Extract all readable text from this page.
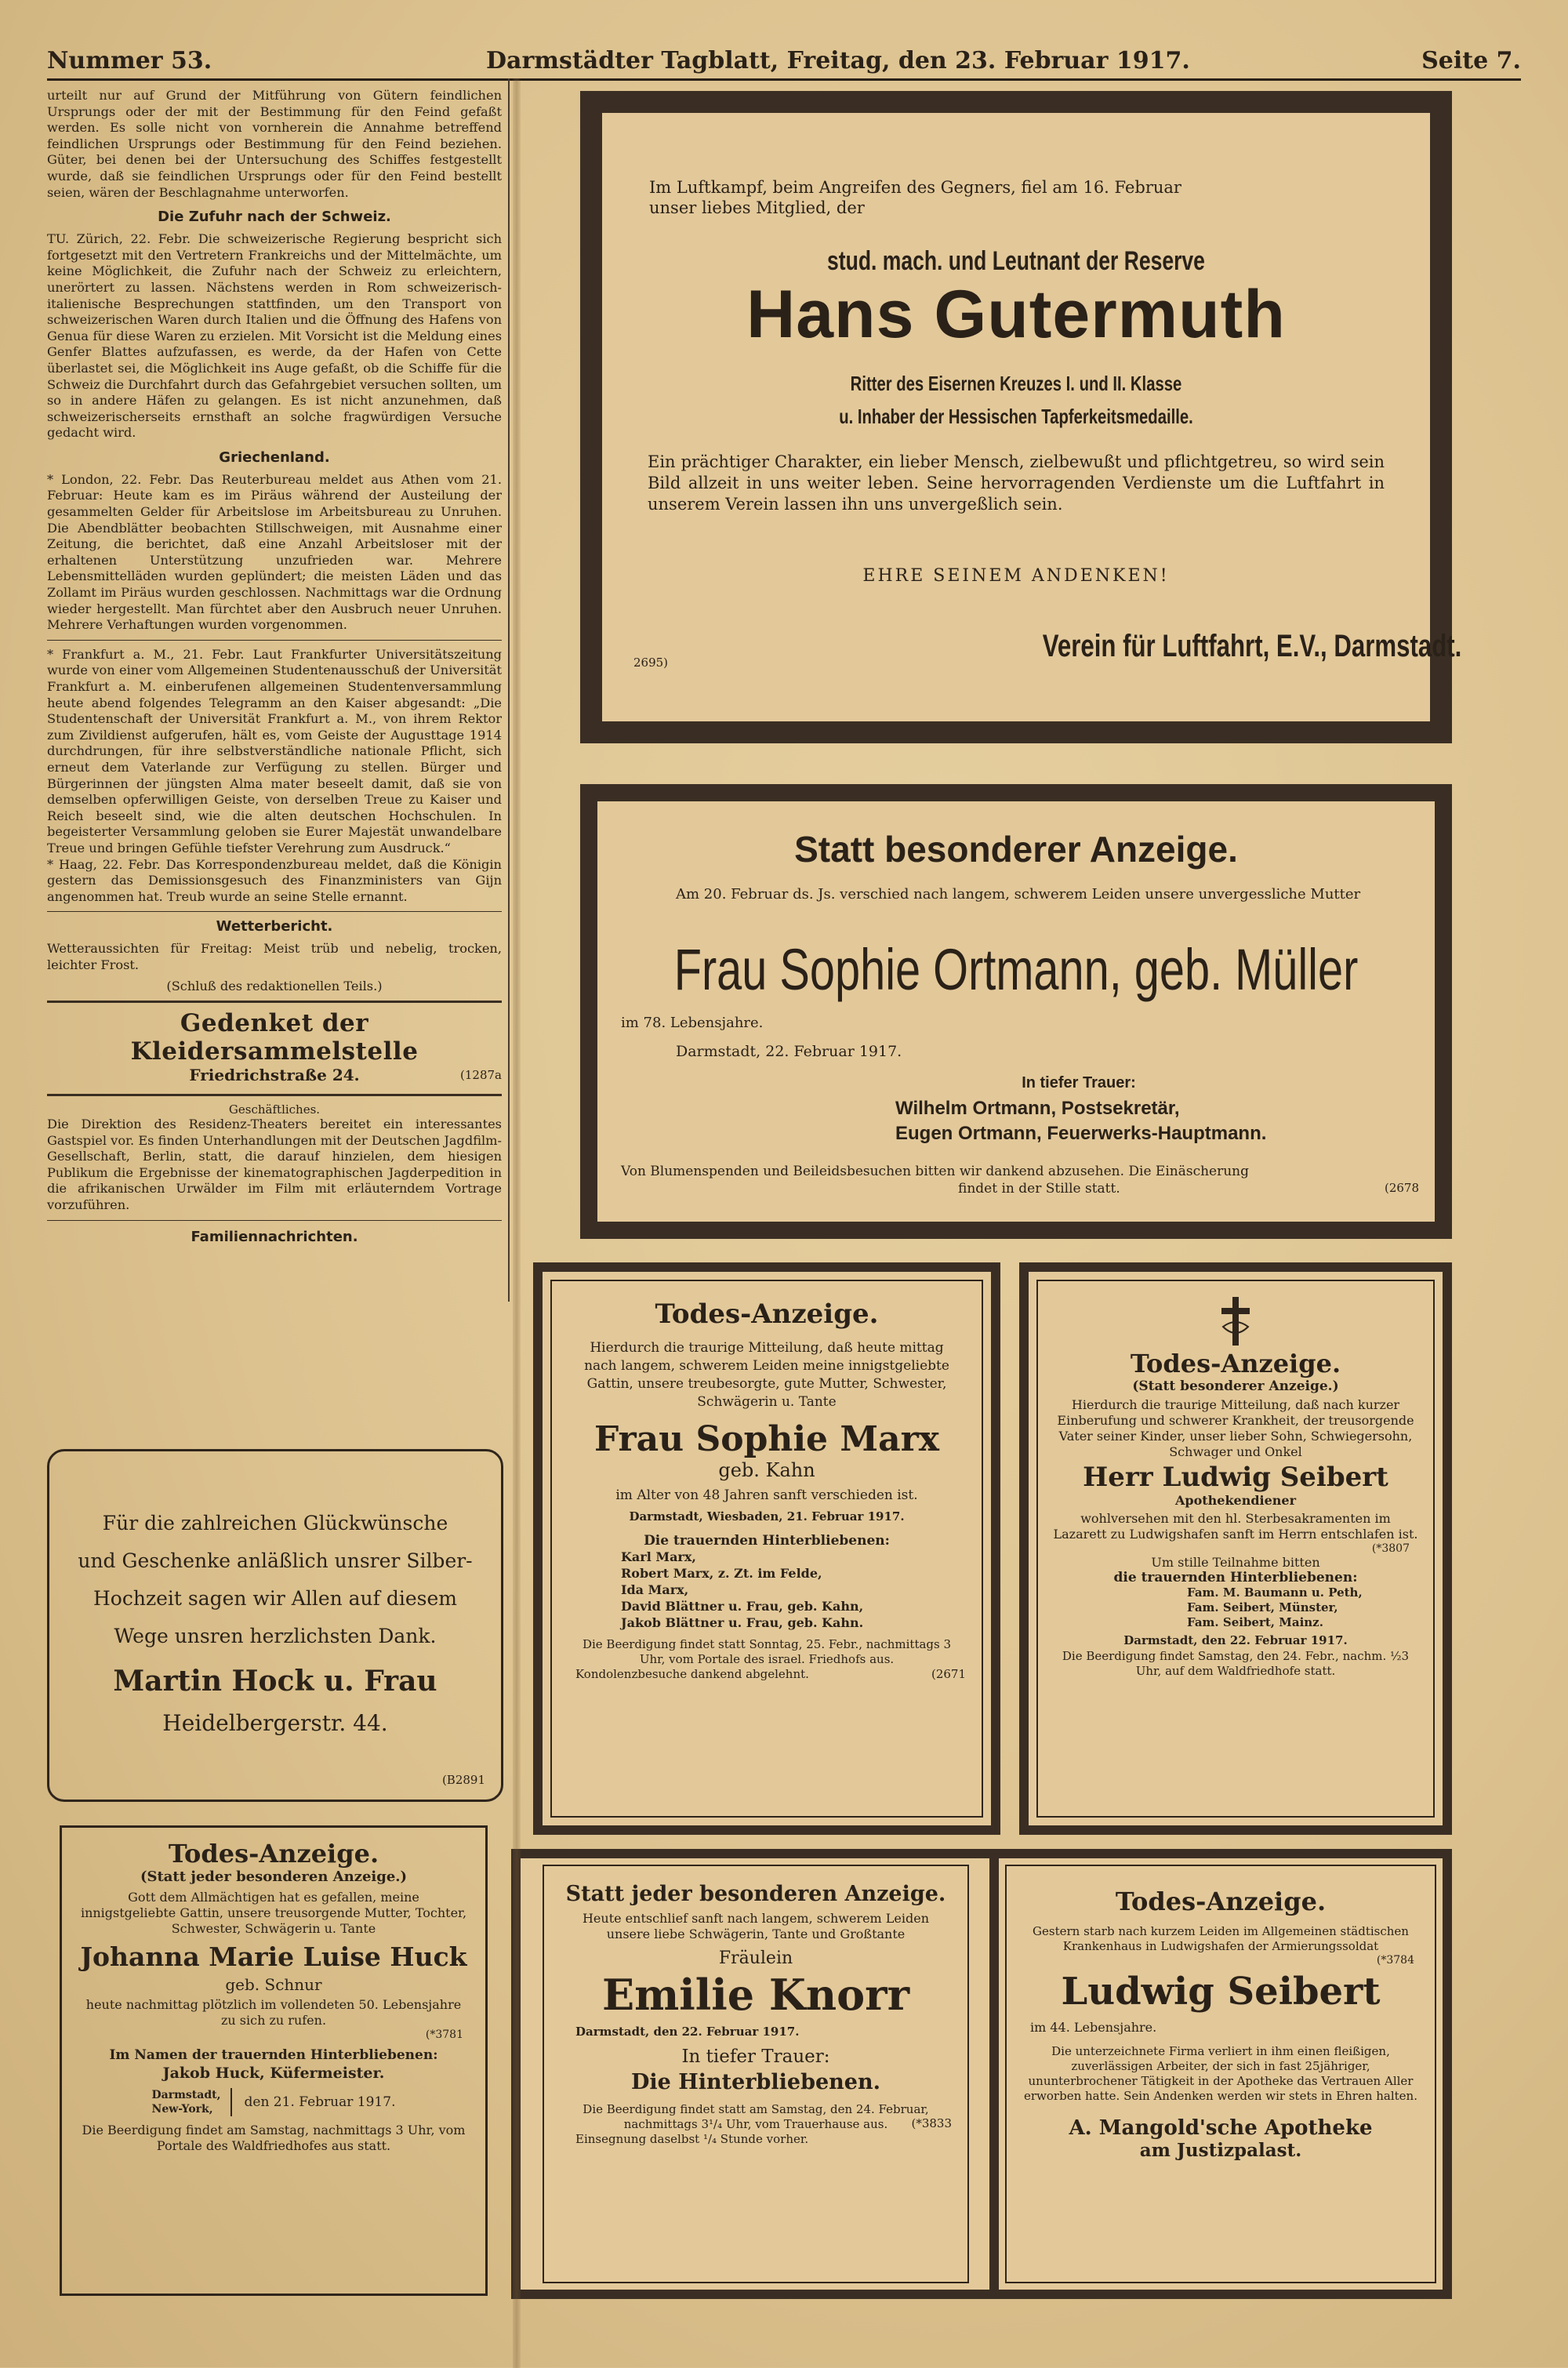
Nummer 53.	Darmstädter Tagblatt, Freitag, den 23. Februar 1917.	Seite 7.

urteilt nur auf Grund der Mitführung von Gütern feindlichen Ursprungs oder der mit der Bestimmung für den Feind gefaßt werden. Es solle nicht von vornherein die Annahme betreffend feindlichen Ursprungs oder Bestimmung für den Feind beziehen. Güter, bei denen bei der Untersuchung des Schiffes festgestellt wurde, daß sie feindlichen Ursprungs oder für den Feind bestellt seien, wären der Beschlagnahme unterworfen.

Die Zufuhr nach der Schweiz.

TU. Zürich, 22. Febr. Die schweizerische Regierung bespricht sich fortgesetzt mit den Vertretern Frankreichs und der Mittelmächte, um keine Möglichkeit, die Zufuhr nach der Schweiz zu erleichtern, unerörtert zu lassen. Nächstens werden in Rom schweizerisch-italienische Besprechungen stattfinden, um den Transport von schweizerischen Waren durch Italien und die Öffnung des Hafens von Genua für diese Waren zu erzielen. Mit Vorsicht ist die Meldung eines Genfer Blattes aufzufassen, es werde, da der Hafen von Cette überlastet sei, die Möglichkeit ins Auge gefaßt, ob die Schiffe für die Schweiz die Durchfahrt durch das Gefahrgebiet versuchen sollten, um so in andere Häfen zu gelangen. Es ist nicht anzunehmen, daß schweizerischerseits ernsthaft an solche fragwürdigen Versuche gedacht wird.

Griechenland.

* London, 22. Febr. Das Reuterbureau meldet aus Athen vom 21. Februar: Heute kam es im Piräus während der Austeilung der gesammelten Gelder für Arbeitslose im Arbeitsbureau zu Unruhen. Die Abendblätter beobachten Stillschweigen, mit Ausnahme einer Zeitung, die berichtet, daß eine Anzahl Arbeitsloser mit der erhaltenen Unterstützung unzufrieden war. Mehrere Lebensmittelläden wurden geplündert; die meisten Läden und das Zollamt im Piräus wurden geschlossen. Nachmittags war die Ordnung wieder hergestellt. Man fürchtet aber den Ausbruch neuer Unruhen. Mehrere Verhaftungen wurden vorgenommen.

* Frankfurt a. M., 21. Febr. Laut Frankfurter Universitätszeitung wurde von einer vom Allgemeinen Studentenausschuß der Universität Frankfurt a. M. einberufenen allgemeinen Studentenversammlung heute abend folgendes Telegramm an den Kaiser abgesandt: „Die Studentenschaft der Universität Frankfurt a. M., von ihrem Rektor zum Zivildienst aufgerufen, hält es, vom Geiste der Augusttage 1914 durchdrungen, für ihre selbstverständliche nationale Pflicht, sich erneut dem Vaterlande zur Verfügung zu stellen. Bürger und Bürgerinnen der jüngsten Alma mater beseelt damit, daß sie von demselben opferwilligen Geiste, von derselben Treue zu Kaiser und Reich beseelt sind, wie die alten deutschen Hochschulen. In begeisterter Versammlung geloben sie Eurer Majestät unwandelbare Treue und bringen Gefühle tiefster Verehrung zum Ausdruck.“

* Haag, 22. Febr. Das Korrespondenzbureau meldet, daß die Königin gestern das Demissionsgesuch des Finanzministers van Gijn angenommen hat. Treub wurde an seine Stelle ernannt.

Wetterbericht.

Wetteraussichten für Freitag: Meist trüb und nebelig, trocken, leichter Frost.

(Schluß des redaktionellen Teils.)

Gedenket der Kleidersammelstelle
Friedrichstraße 24.	(1287a
Geschäftliches.

Die Direktion des Residenz-Theaters bereitet ein interessantes Gastspiel vor. Es finden Unterhandlungen mit der Deutschen Jagdfilm-Gesellschaft, Berlin, statt, die darauf hinzielen, dem hiesigen Publikum die Ergebnisse der kinematographischen Jagderpedition in die afrikanischen Urwälder im Film mit erläuterndem Vortrage vorzuführen.

Familiennachrichten.
Für die zahlreichen Glückwünsche
und Geschenke anläßlich unsrer Silber-
Hochzeit sagen wir Allen auf diesem
Wege unsren herzlichsten Dank.
Martin Hock u. Frau
Heidelbergerstr. 44.
(B2891
Todes-Anzeige.
(Statt jeder besonderen Anzeige.)

Gott dem Allmächtigen hat es gefallen, meine innigstgeliebte Gattin, unsere treusorgende Mutter, Tochter, Schwester, Schwägerin u. Tante

Johanna Marie Luise Huck
geb. Schnur

heute nachmittag plötzlich im vollendeten 50. Lebensjahre zu sich zu rufen.

(*3781
Im Namen der trauernden Hinterbliebenen:
Jakob Huck, Küfermeister.
Darmstadt, New-York,	den 21. Februar 1917.

Die Beerdigung findet am Samstag, nachmittags 3 Uhr, vom Portale des Waldfriedhofes aus statt.

Im Luftkampf, beim Angreifen des Gegners, fiel am 16. Februar
unser liebes Mitglied, der
stud. mach. und Leutnant der Reserve
Hans Gutermuth
Ritter des Eisernen Kreuzes I. und II. Klasse
u. Inhaber der Hessischen Tapferkeitsmedaille.

Ein prächtiger Charakter, ein lieber Mensch, zielbewußt und pflichtgetreu, so wird sein Bild allzeit in uns weiter leben. Seine hervorragenden Verdienste um die Luftfahrt in unserem Verein lassen ihn uns unvergeßlich sein.

EHRE SEINEM ANDENKEN!
2695)	Verein für Luftfahrt, E.V., Darmstadt.
Statt besonderer Anzeige.

Am 20. Februar ds. Js. verschied nach langem, schwerem Leiden unsere unvergessliche Mutter

Frau Sophie Ortmann, geb. Müller
im 78. Lebensjahre.
Darmstadt, 22. Februar 1917.
In tiefer Trauer:
Wilhelm Ortmann, Postsekretär,
Eugen Ortmann, Feuerwerks-Hauptmann.
Von Blumenspenden und Beileidsbesuchen bitten wir dankend abzusehen. Die Einäscherung
findet in der Stille statt.	(2678
Todes-Anzeige.

Hierdurch die traurige Mitteilung, daß heute mittag nach langem, schwerem Leiden meine innigstgeliebte Gattin, unsere treubesorgte, gute Mutter, Schwester, Schwägerin u. Tante

Frau Sophie Marx
geb. Kahn
im Alter von 48 Jahren sanft verschieden ist.
Darmstadt, Wiesbaden, 21. Februar 1917.
Die trauernden Hinterbliebenen:
Karl Marx,
Robert Marx, z. Zt. im Felde,
Ida Marx,
David Blättner u. Frau, geb. Kahn,
Jakob Blättner u. Frau, geb. Kahn.

Die Beerdigung findet statt Sonntag, 25. Febr., nachmittags 3 Uhr, vom Portale des israel. Friedhofs aus.

Kondolenzbesuche dankend abgelehnt.	(2671
Todes-Anzeige.
(Statt besonderer Anzeige.)

Hierdurch die traurige Mitteilung, daß nach kurzer Einberufung und schwerer Krankheit, der treusorgende Vater seiner Kinder, unser lieber Sohn, Schwiegersohn, Schwager und Onkel

Herr Ludwig Seibert
Apothekendiener

wohlversehen mit den hl. Sterbesakramenten im Lazarett zu Ludwigshafen sanft im Herrn entschlafen ist.

(*3807
Um stille Teilnahme bitten
die trauernden Hinterbliebenen:
Fam. M. Baumann u. Peth,
Fam. Seibert, Münster,
Fam. Seibert, Mainz.
Darmstadt, den 22. Februar 1917.

Die Beerdigung findet Samstag, den 24. Febr., nachm. ½3 Uhr, auf dem Waldfriedhofe statt.

Statt jeder besonderen Anzeige.

Heute entschlief sanft nach langem, schwerem Leiden unsere liebe Schwägerin, Tante und Großtante

Fräulein
Emilie Knorr
Darmstadt, den 22. Februar 1917.
In tiefer Trauer:
Die Hinterbliebenen.

Die Beerdigung findet statt am Samstag, den 24. Februar, nachmittags 3¹/₄ Uhr, vom Trauerhause aus.

Einsegnung daselbst ¹/₄ Stunde vorher.
(*3833
Todes-Anzeige.

Gestern starb nach kurzem Leiden im Allgemeinen städtischen Krankenhaus in Ludwigshafen der Armierungssoldat

(*3784
Ludwig Seibert
im 44. Lebensjahre.

Die unterzeichnete Firma verliert in ihm einen fleißigen, zuverlässigen Arbeiter, der sich in fast 25jähriger, ununterbrochener Tätigkeit in der Apotheke das Vertrauen Aller erworben hatte. Sein Andenken werden wir stets in Ehren halten.

A. Mangold'sche Apotheke
am Justizpalast.
